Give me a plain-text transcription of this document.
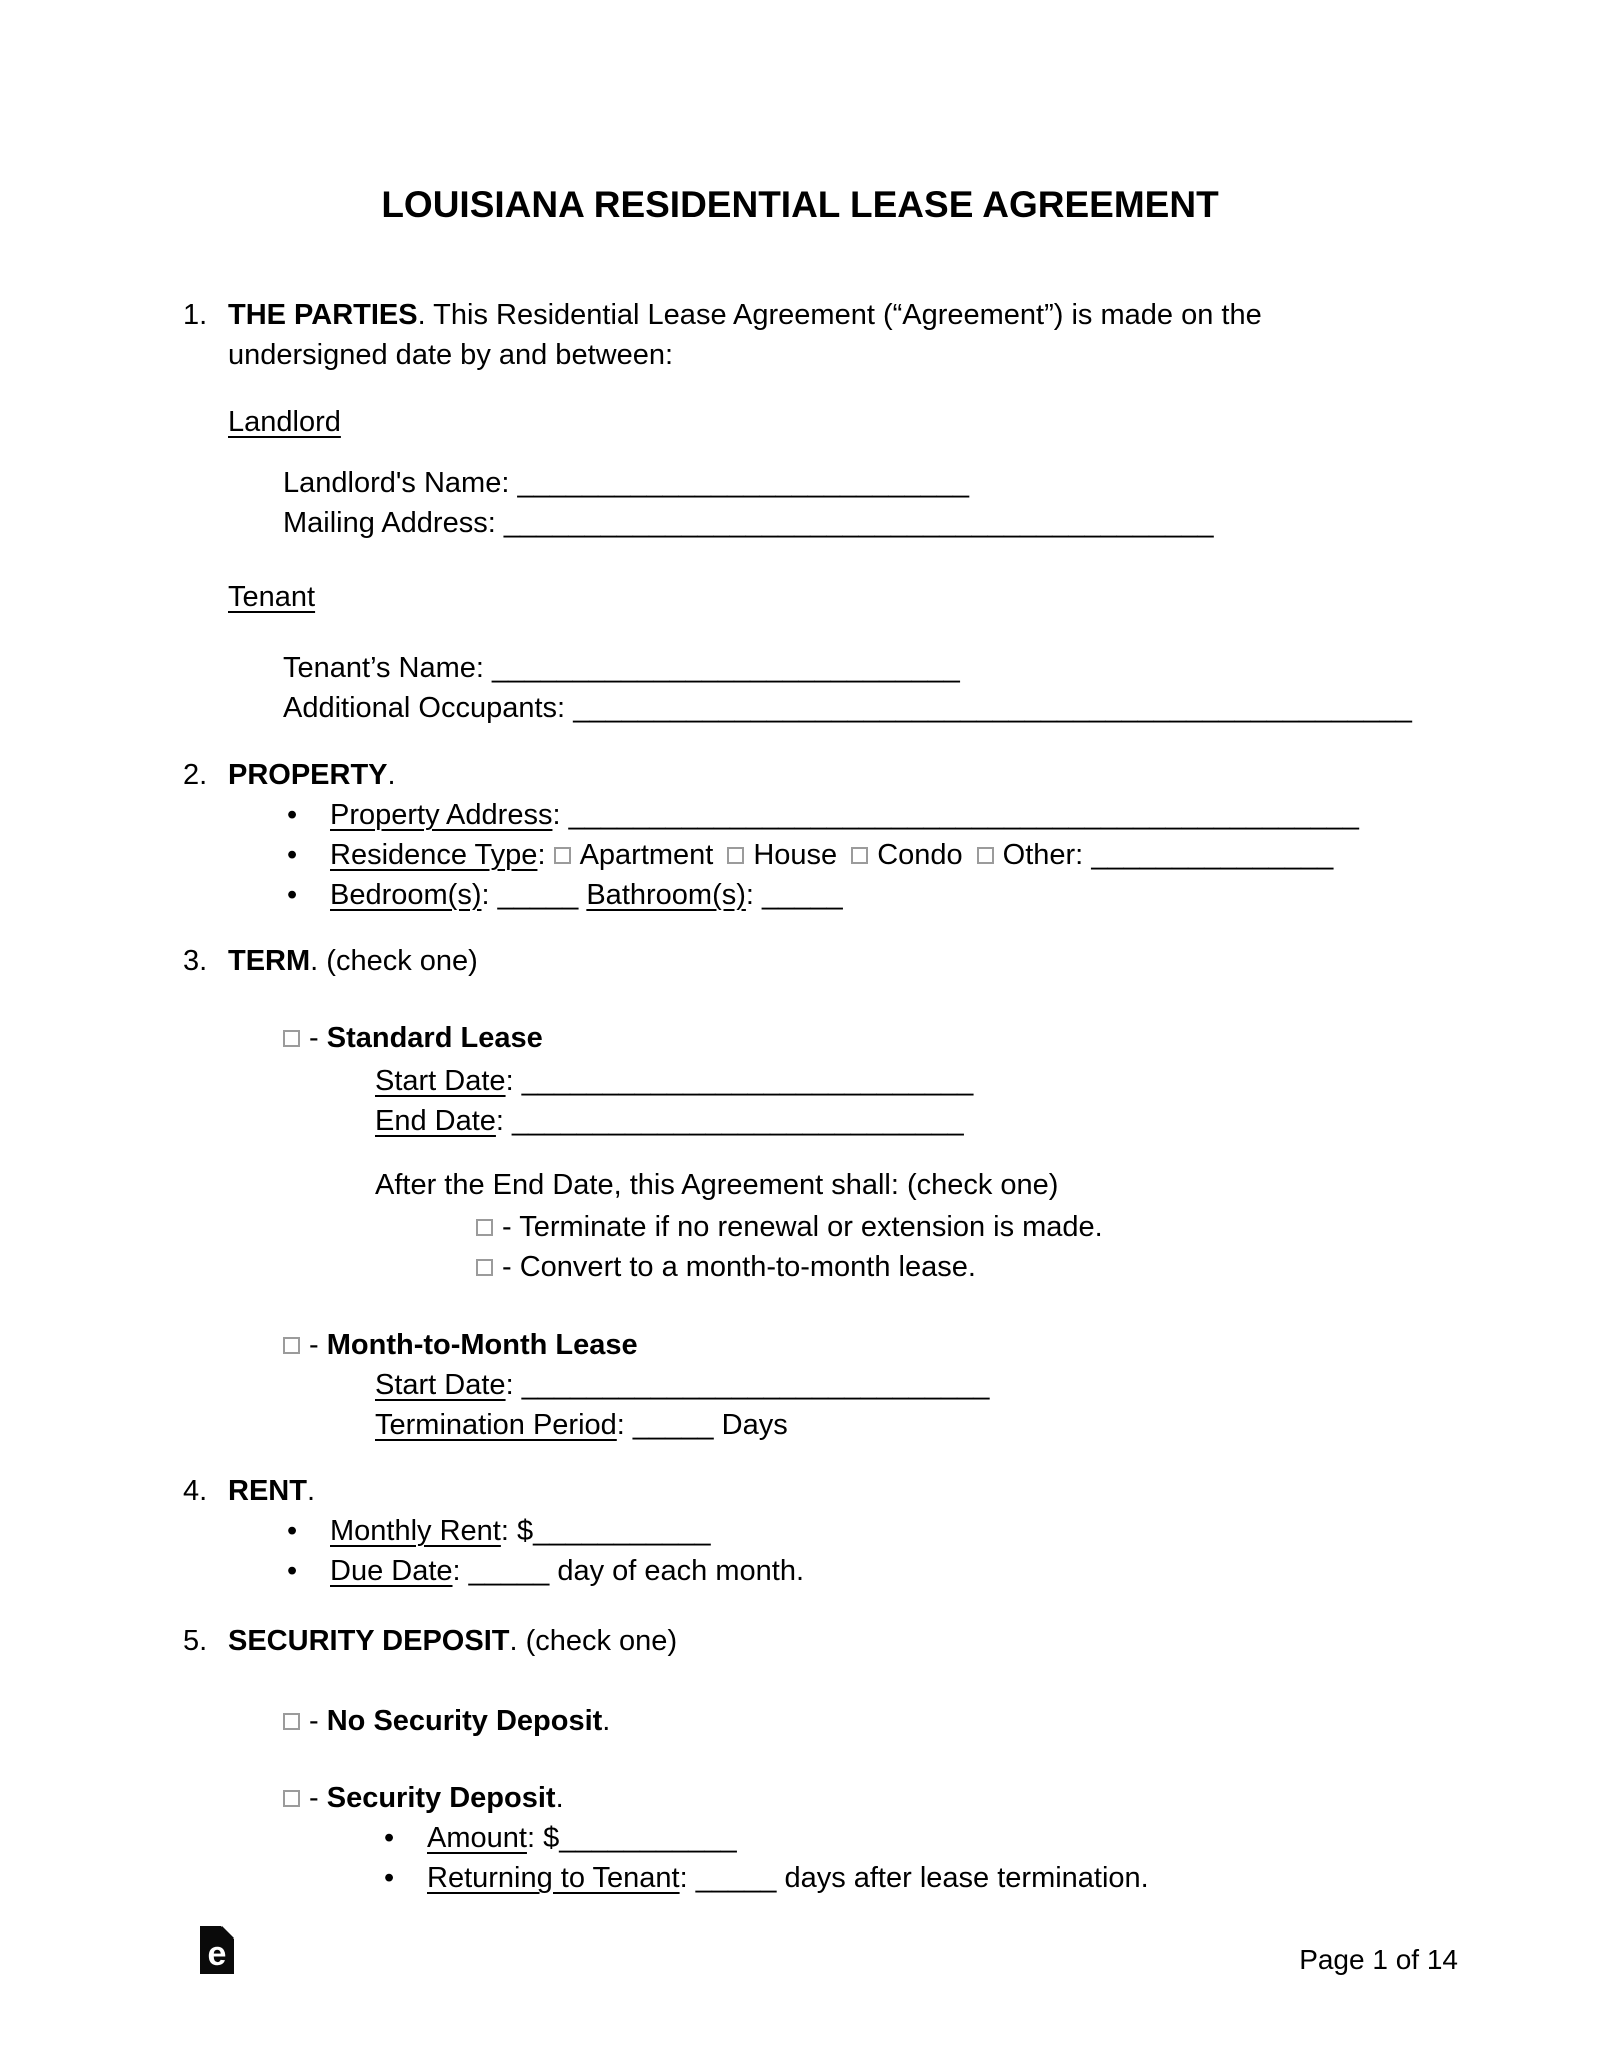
LOUISIANA RESIDENTIAL LEASE AGREEMENT
1. THE PARTIES. This Residential Lease Agreement (“Agreement”) is made on the undersigned date by and between:
Landlord
Landlord's Name: ____________________________
Mailing Address: ____________________________________________
Tenant
Tenant’s Name: _____________________________
Additional Occupants: ____________________________________________________
2. PROPERTY.
• Property Address: _________________________________________________
• Residence Type: Apartment House Condo Other: _______________
• Bedroom(s): _____ Bathroom(s): _____
3. TERM. (check one)
- Standard Lease
Start Date: ____________________________
End Date: ____________________________
After the End Date, this Agreement shall: (check one)
- Terminate if no renewal or extension is made.
- Convert to a month-to-month lease.
- Month-to-Month Lease
Start Date: _____________________________
Termination Period: _____ Days
4. RENT.
• Monthly Rent: $___________
• Due Date: _____ day of each month.
5. SECURITY DEPOSIT. (check one)
- No Security Deposit.
- Security Deposit.
• Amount: $___________
• Returning to Tenant: _____ days after lease termination.
e	Page 1 of 14
